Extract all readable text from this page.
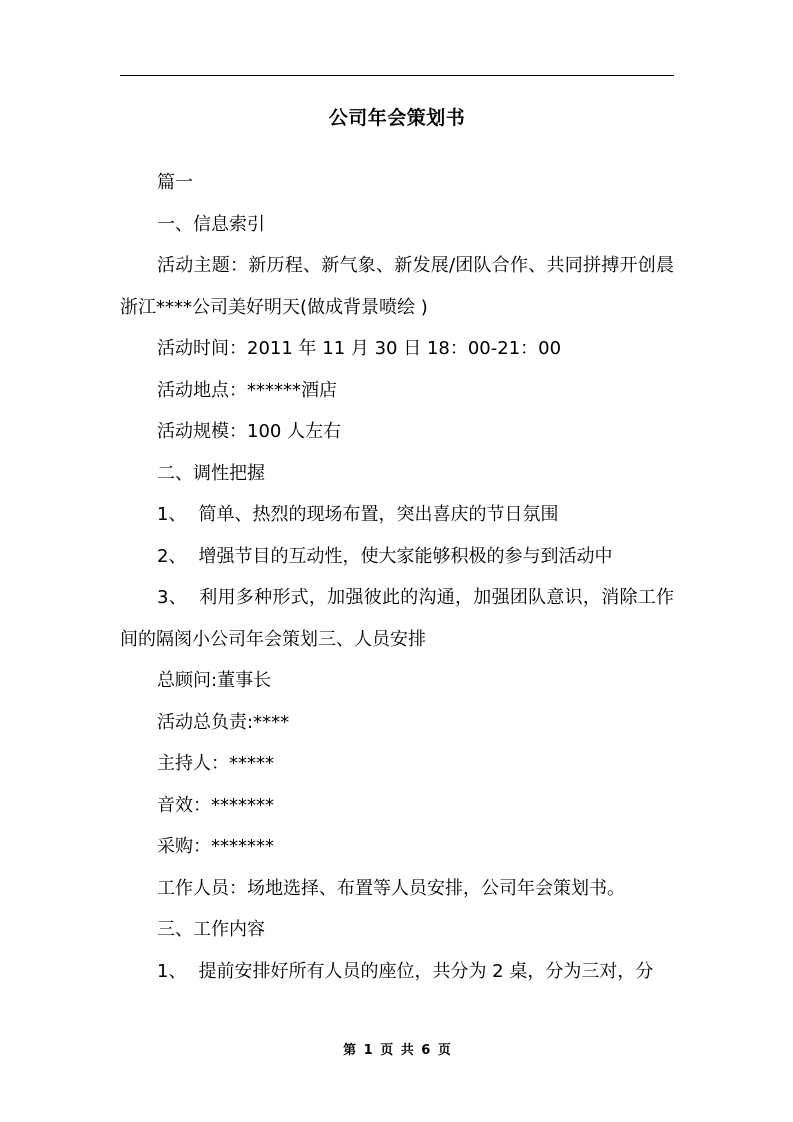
公司年会策划书

篇一

一、信息索引

活动主题：新历程、新气象、新发展/团队合作、共同拼搏开创晨浙江****公司美好明天(做成背景喷绘 )

活动时间：2011 年 11 月 30 日 18：00-21：00

活动地点：******酒店

活动规模：100 人左右

二、调性把握

1、 简单、热烈的现场布置，突出喜庆的节日氛围

2、 增强节目的互动性，使大家能够积极的参与到活动中

3、 利用多种形式，加强彼此的沟通，加强团队意识，消除工作间的隔阂小公司年会策划三、人员安排

总顾问:董事长

活动总负责:****

主持人：*****

音效：*******

采购：*******

工作人员：场地选择、布置等人员安排，公司年会策划书。

三、工作内容

1、 提前安排好所有人员的座位，共分为 2 桌，分为三对，分

第 1 页 共 6 页
